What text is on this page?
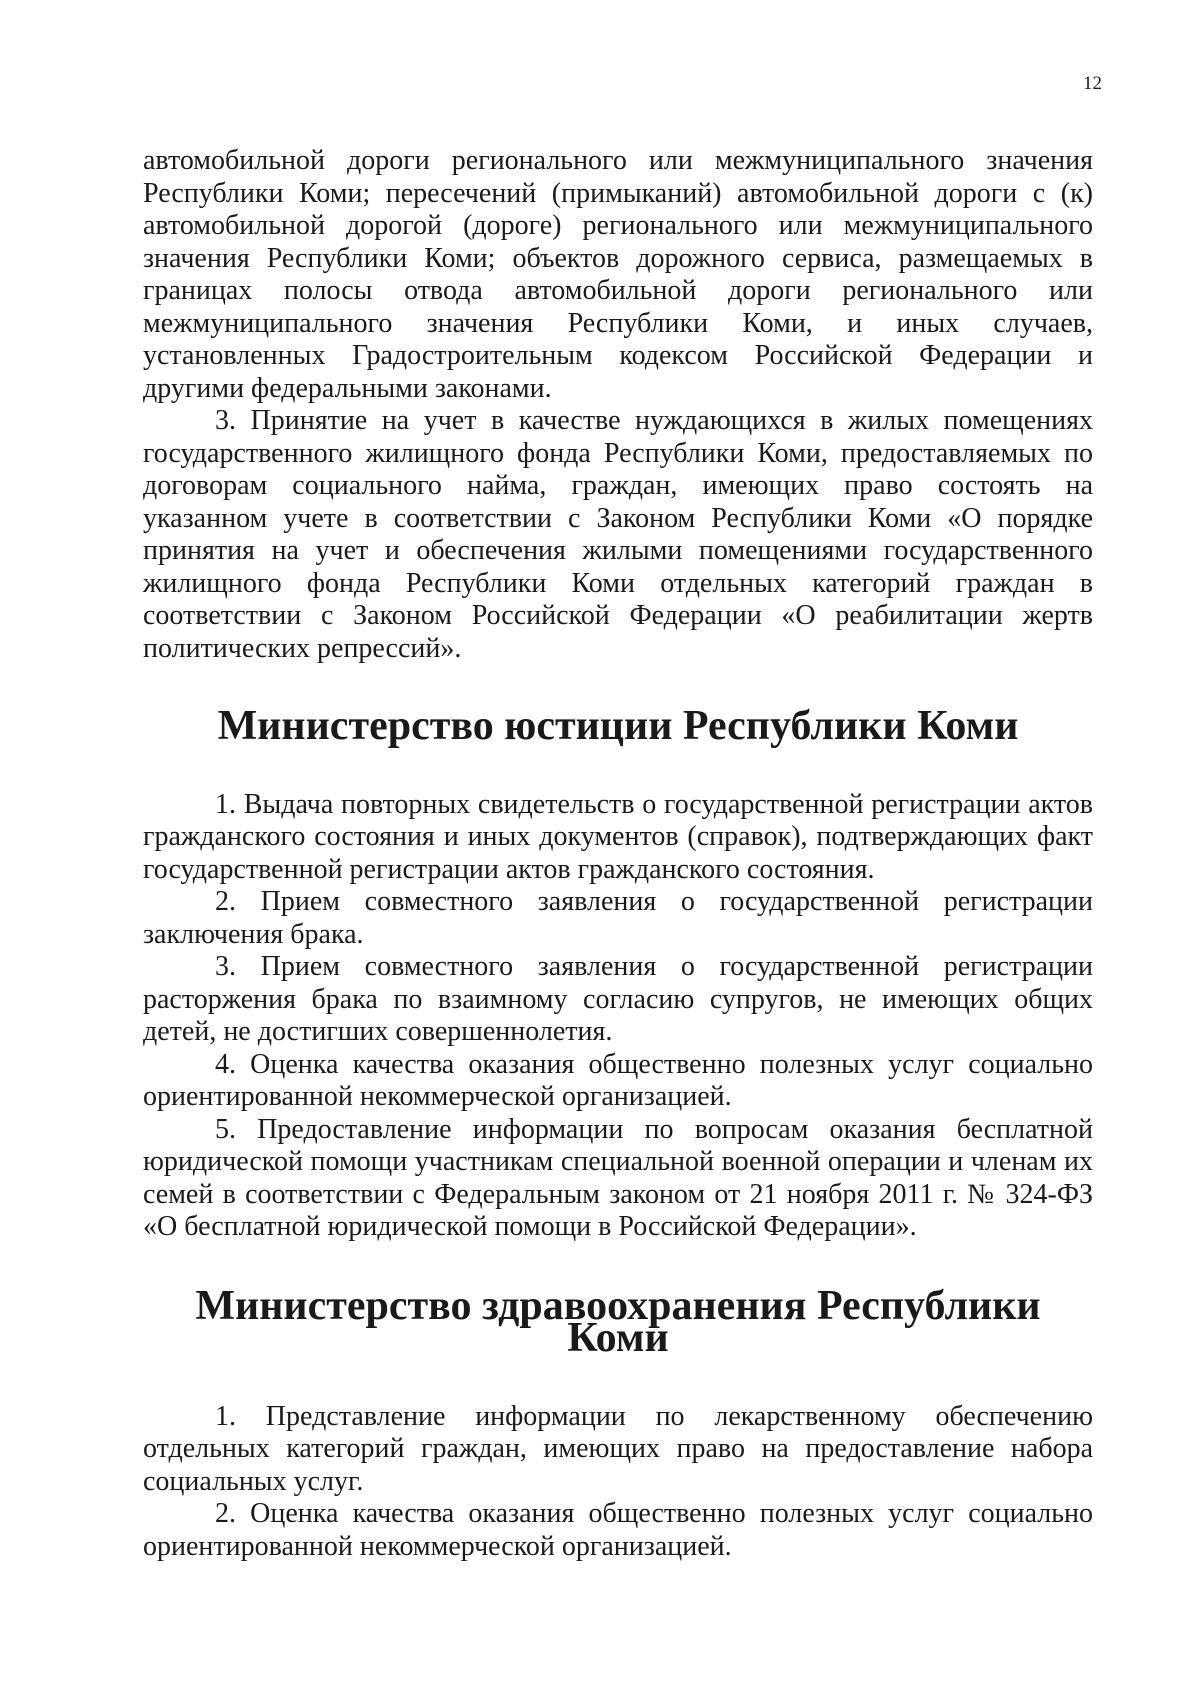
12

автомобильной дороги регионального или межмуниципального значения Республики Коми; пересечений (примыканий) автомобильной дороги с (к) автомобильной дорогой (дороге) регионального или межмуниципального значения Республики Коми; объектов дорожного сервиса, размещаемых в границах полосы отвода автомобильной дороги регионального или межмуниципального значения Республики Коми, и иных случаев, установленных Градостроительным кодексом Российской Федерации и другими федеральными законами.

3. Принятие на учет в качестве нуждающихся в жилых помещениях государственного жилищного фонда Республики Коми, предоставляемых по договорам социального найма, граждан, имеющих право состоять на указанном учете в соответствии с Законом Республики Коми «О порядке принятия на учет и обеспечения жилыми помещениями государственного жилищного фонда Республики Коми отдельных категорий граждан в соответствии с Законом Российской Федерации «О реабилитации жертв политических репрессий».

Министерство юстиции Республики Коми

1. Выдача повторных свидетельств о государственной регистрации актов гражданского состояния и иных документов (справок), подтверждающих факт государственной регистрации актов гражданского состояния.

2. Прием совместного заявления о государственной регистрации заключения брака.

3. Прием совместного заявления о государственной регистрации расторжения брака по взаимному согласию супругов, не имеющих общих детей, не достигших совершеннолетия.

4. Оценка качества оказания общественно полезных услуг социально ориентированной некоммерческой организацией.

5. Предоставление информации по вопросам оказания бесплатной юридической помощи участникам специальной военной операции и членам их семей в соответствии с Федеральным законом от 21 ноября 2011 г. № 324-ФЗ «О бесплатной юридической помощи в Российской Федерации».

Министерство здравоохранения Республики Коми

1. Представление информации по лекарственному обеспечению отдельных категорий граждан, имеющих право на предоставление набора социальных услуг.

2. Оценка качества оказания общественно полезных услуг социально ориентированной некоммерческой организацией.
